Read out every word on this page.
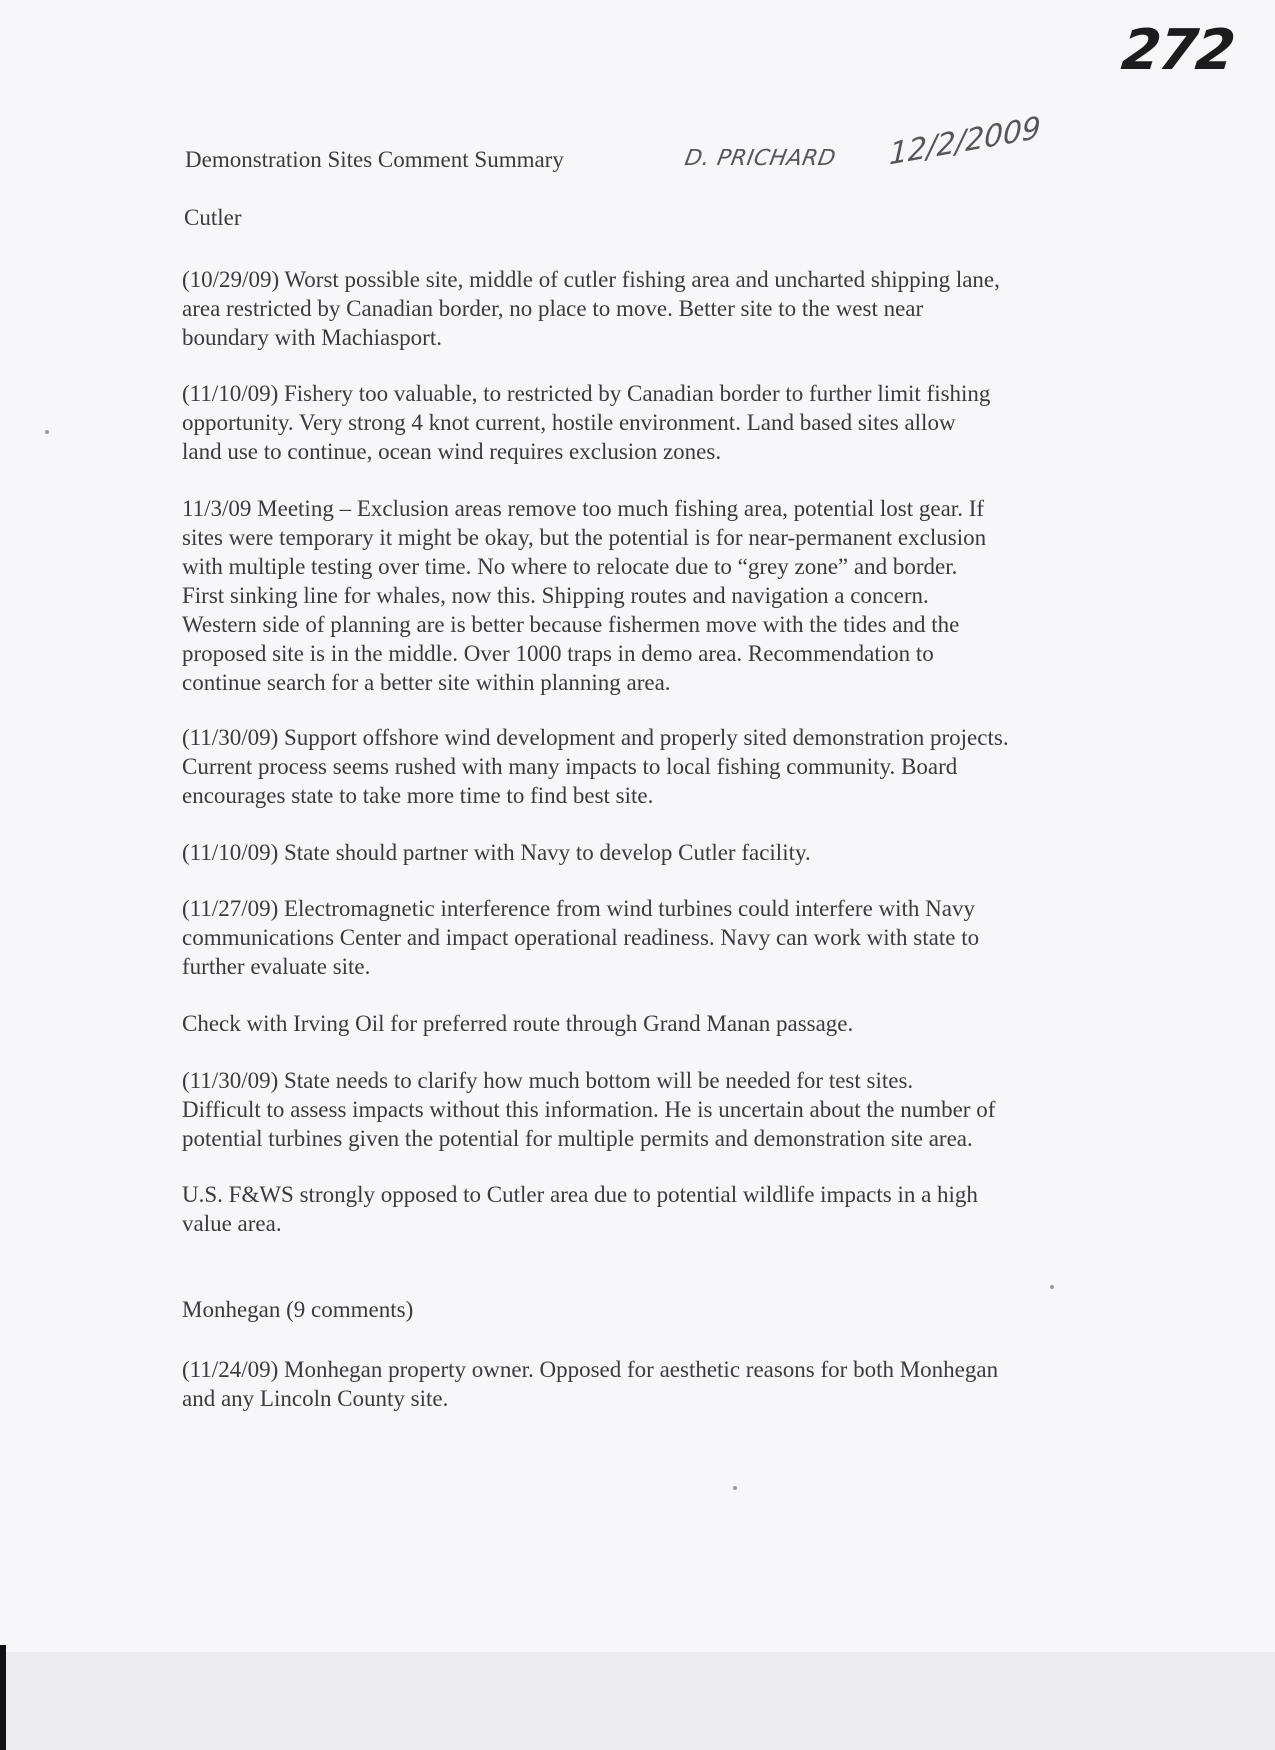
272
Demonstration Sites Comment Summary	D. PRICHARD 12/2/2009
Cutler
(10/29/09) Worst possible site, middle of cutler fishing area and uncharted shipping lane,
area restricted by Canadian border, no place to move. Better site to the west near
boundary with Machiasport.
(11/10/09) Fishery too valuable, to restricted by Canadian border to further limit fishing
opportunity. Very strong 4 knot current, hostile environment. Land based sites allow
land use to continue, ocean wind requires exclusion zones.
11/3/09 Meeting – Exclusion areas remove too much fishing area, potential lost gear. If
sites were temporary it might be okay, but the potential is for near-permanent exclusion
with multiple testing over time. No where to relocate due to “grey zone” and border.
First sinking line for whales, now this. Shipping routes and navigation a concern.
Western side of planning are is better because fishermen move with the tides and the
proposed site is in the middle. Over 1000 traps in demo area. Recommendation to
continue search for a better site within planning area.
(11/30/09) Support offshore wind development and properly sited demonstration projects.
Current process seems rushed with many impacts to local fishing community. Board
encourages state to take more time to find best site.
(11/10/09) State should partner with Navy to develop Cutler facility.
(11/27/09) Electromagnetic interference from wind turbines could interfere with Navy
communications Center and impact operational readiness. Navy can work with state to
further evaluate site.
Check with Irving Oil for preferred route through Grand Manan passage.
(11/30/09) State needs to clarify how much bottom will be needed for test sites.
Difficult to assess impacts without this information. He is uncertain about the number of
potential turbines given the potential for multiple permits and demonstration site area.
U.S. F&WS strongly opposed to Cutler area due to potential wildlife impacts in a high
value area.
Monhegan (9 comments)
(11/24/09) Monhegan property owner. Opposed for aesthetic reasons for both Monhegan
and any Lincoln County site.
